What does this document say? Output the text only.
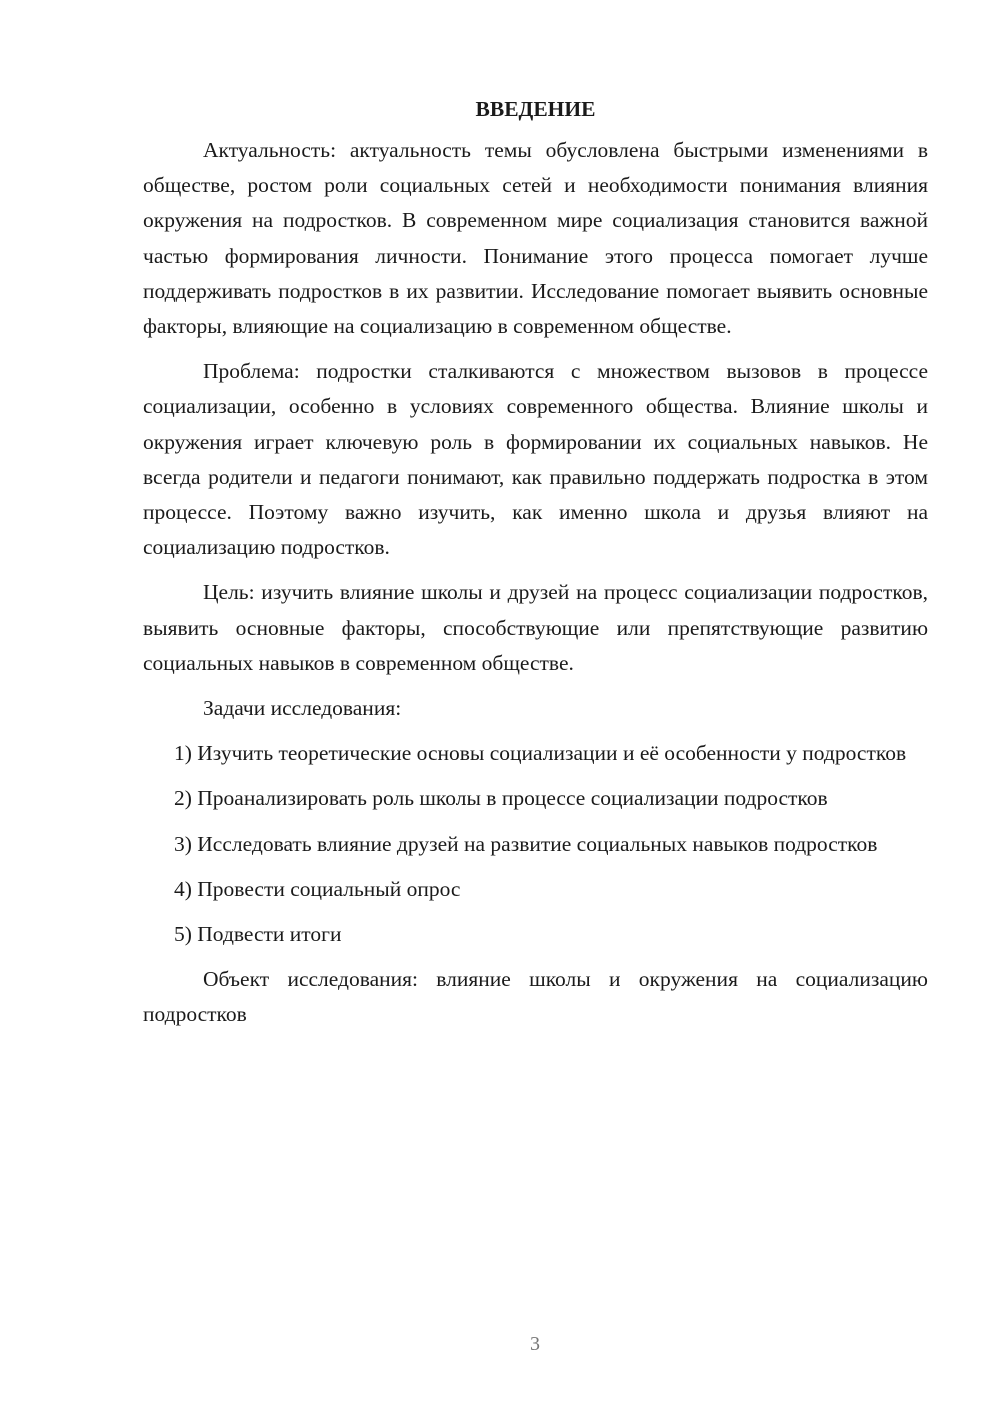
ВВЕДЕНИЕ

Актуальность: актуальность темы обусловлена быстрыми изменениями в обществе, ростом роли социальных сетей и необходимости понимания влияния окружения на подростков. В современном мире социализация становится важной частью формирования личности. Понимание этого процесса помогает лучше поддерживать подростков в их развитии. Исследование помогает выявить основные факторы, влияющие на социализацию в современном обществе.

Проблема: подростки сталкиваются с множеством вызовов в процессе социализации, особенно в условиях современного общества. Влияние школы и окружения играет ключевую роль в формировании их социальных навыков. Не всегда родители и педагоги понимают, как правильно поддержать подростка в этом процессе. Поэтому важно изучить, как именно школа и друзья влияют на социализацию подростков.

Цель: изучить влияние школы и друзей на процесс социализации подростков, выявить основные факторы, способствующие или препятствующие развитию социальных навыков в современном обществе.

Задачи исследования:

1) Изучить теоретические основы социализации и её особенности у подростков

2) Проанализировать роль школы в процессе социализации подростков

3) Исследовать влияние друзей на развитие социальных навыков подростков

4) Провести социальный опрос

5) Подвести итоги

Объект исследования: влияние школы и окружения на социализацию подростков

3
